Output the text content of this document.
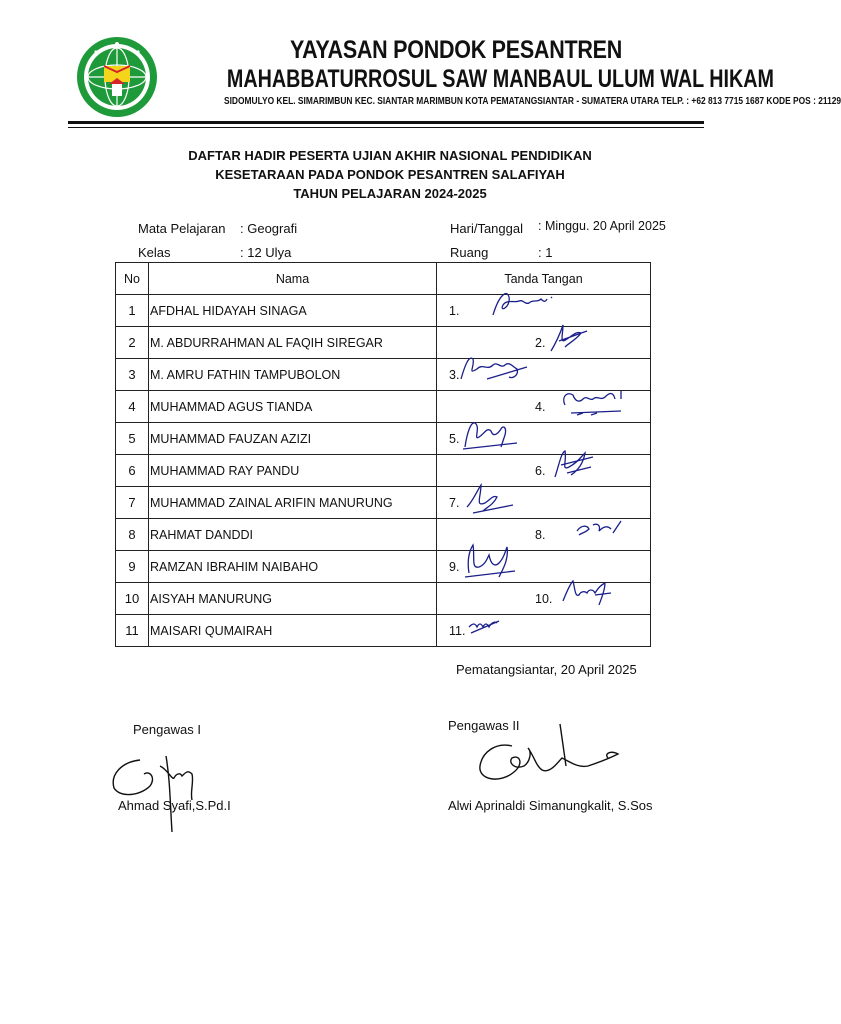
YAYASAN PONDOK PESANTREN
MAHABBATURROSUL SAW MANBAUL ULUM WAL HIKAM
SIDOMULYO KEL. SIMARIMBUN KEC. SIANTAR MARIMBUN KOTA PEMATANGSIANTAR - SUMATERA UTARA TELP. : +62 813 7715 1687 KODE POS : 21129
DAFTAR HADIR PESERTA UJIAN AKHIR NASIONAL PENDIDIKAN
KESETARAAN PADA PONDOK PESANTREN SALAFIYAH
TAHUN PELAJARAN 2024-2025
Mata Pelajaran : Geografi
Kelas	: 12 Ulya
Hari/Tanggal : Minggu. 20 April 2025
Ruang	: 1
No	Nama	Tanda Tangan
1	AFDHAL HIDAYAH SINAGA	1.

2	M. ABDURRAHMAN AL FAQIH SIREGAR	2.

3	M. AMRU FATHIN TAMPUBOLON	3.

4	MUHAMMAD AGUS TIANDA	4.

5	MUHAMMAD FAUZAN AZIZI	5.

6	MUHAMMAD RAY PANDU	6.

7	MUHAMMAD ZAINAL ARIFIN MANURUNG	7.

8	RAHMAT DANDDI	8.

9	RAMZAN IBRAHIM NAIBAHO	9.

10	AISYAH MANURUNG	10.

11	MAISARI QUMAIRAH	11.
Pematangsiantar, 20 April 2025
Pengawas I
Ahmad Syafi,S.Pd.I
Pengawas II
Alwi Aprinaldi Simanungkalit, S.Sos
